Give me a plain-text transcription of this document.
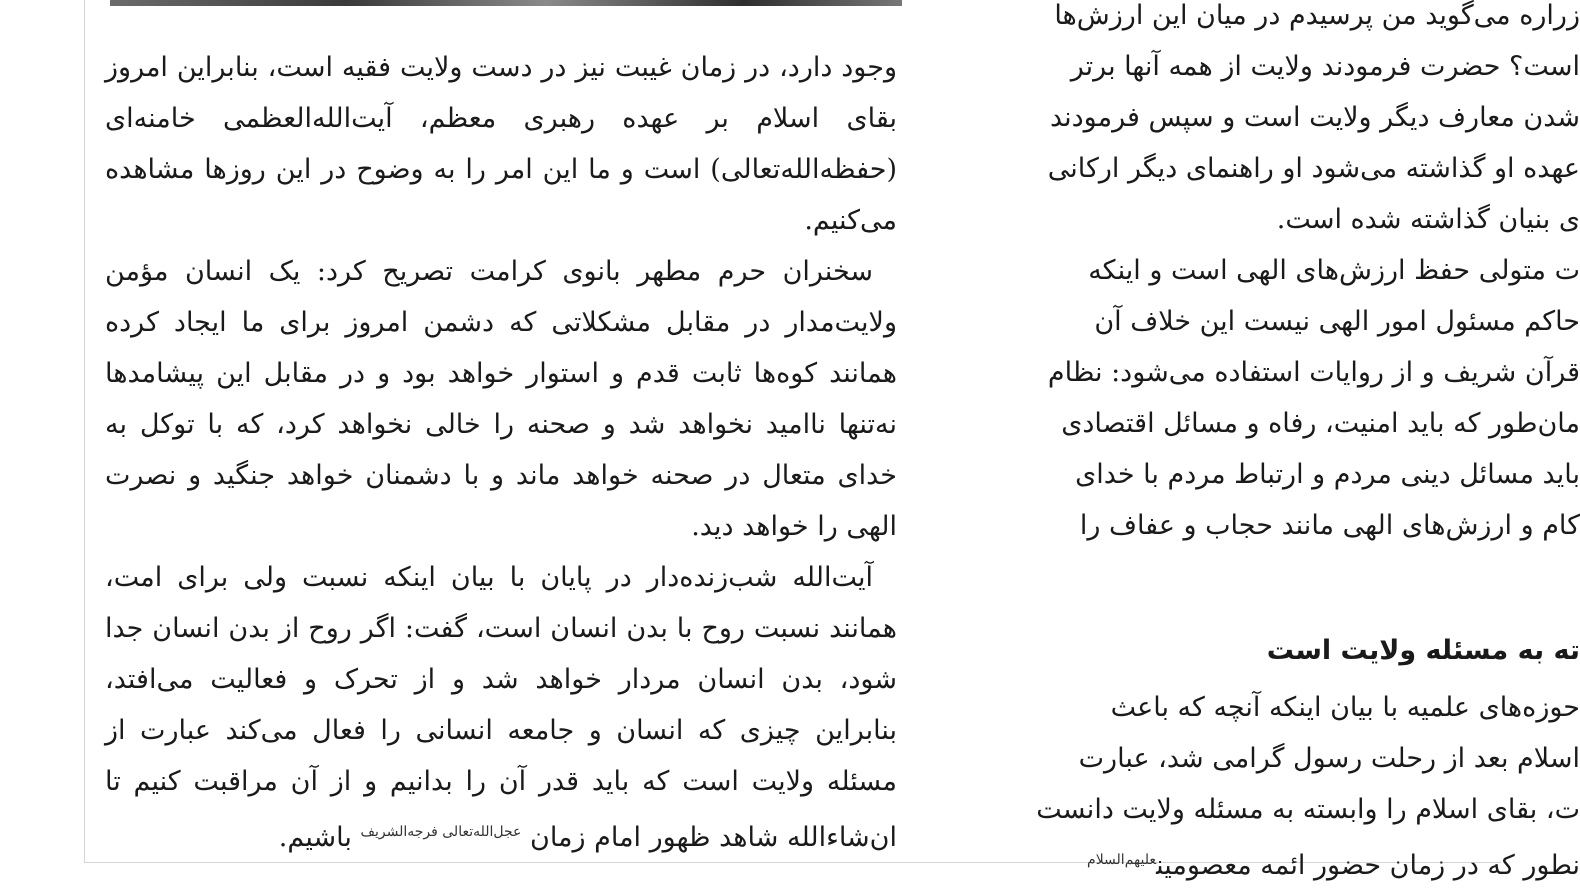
وجود دارد، در زمان غیبت نیز در دست ولایت فقیه است، بنابراین امروز بقای اسلام بر عهده رهبری معظم، آیت‌الله‌العظمی خامنه‌ای (حفظه‌الله‌تعالی) است و ما این امر را به وضوح در این روزها مشاهده می‌کنیم.

سخنران حرم مطهر بانوی کرامت تصریح کرد: یک انسان مؤمن ولایت‌مدار در مقابل مشکلاتی که دشمن امروز برای ما ایجاد کرده همانند کوه‌ها ثابت قدم و استوار خواهد بود و در مقابل این پیشامدها نه‌تنها ناامید نخواهد شد و صحنه را خالی نخواهد کرد، که با توکل به خدای متعال در صحنه خواهد ماند و با دشمنان خواهد جنگید و نصرت الهی را خواهد دید.

آیت‌الله شب‌زنده‌دار در پایان با بیان اینکه نسبت ولی برای امت، همانند نسبت روح با بدن انسان است، گفت: اگر روح از بدن انسان جدا شود، بدن انسان مردار خواهد شد و از تحرک و فعالیت می‌افتد، بنابراین چیزی که انسان و جامعه انسانی را فعال می‌کند عبارت از مسئله ولایت است که باید قدر آن را بدانیم و از آن مراقبت کنیم تا ان‌شاءالله شاهد ظهور امام زمان $^{عجل‌الله‌تعالی فرجه‌الشریف}$ باشیم.

زراره می‌گوید من پرسیدم در میان این ارزش‌ها

است؟ حضرت فرمودند ولایت از همه آنها برتر

شدن معارف دیگر ولایت است و سپس فرمودند

عهده او گذاشته می‌شود او راهنمای دیگر ارکانی

ی بنیان گذاشته شده است.

ت متولی حفظ ارزش‌های الهی است و اینکه

حاکم مسئول امور الهی نیست این خلاف آن

قرآن شریف و از روایات استفاده می‌شود: نظام

مان‌طور که باید امنیت، رفاه و مسائل اقتصادی

باید مسائل دینی مردم و ارتباط مردم با خدای

کام و ارزش‌های الهی مانند حجاب و عفاف را

ته به مسئله ولایت است

حوزه‌های علمیه با بیان اینکه آنچه که باعث

اسلام بعد از رحلت رسول گرامی شد، عبارت

ت، بقای اسلام را وابسته به مسئله ولایت دانست

نطور که در زمان حضور ائمه معصومین$^{علیهم‌السلام}$
